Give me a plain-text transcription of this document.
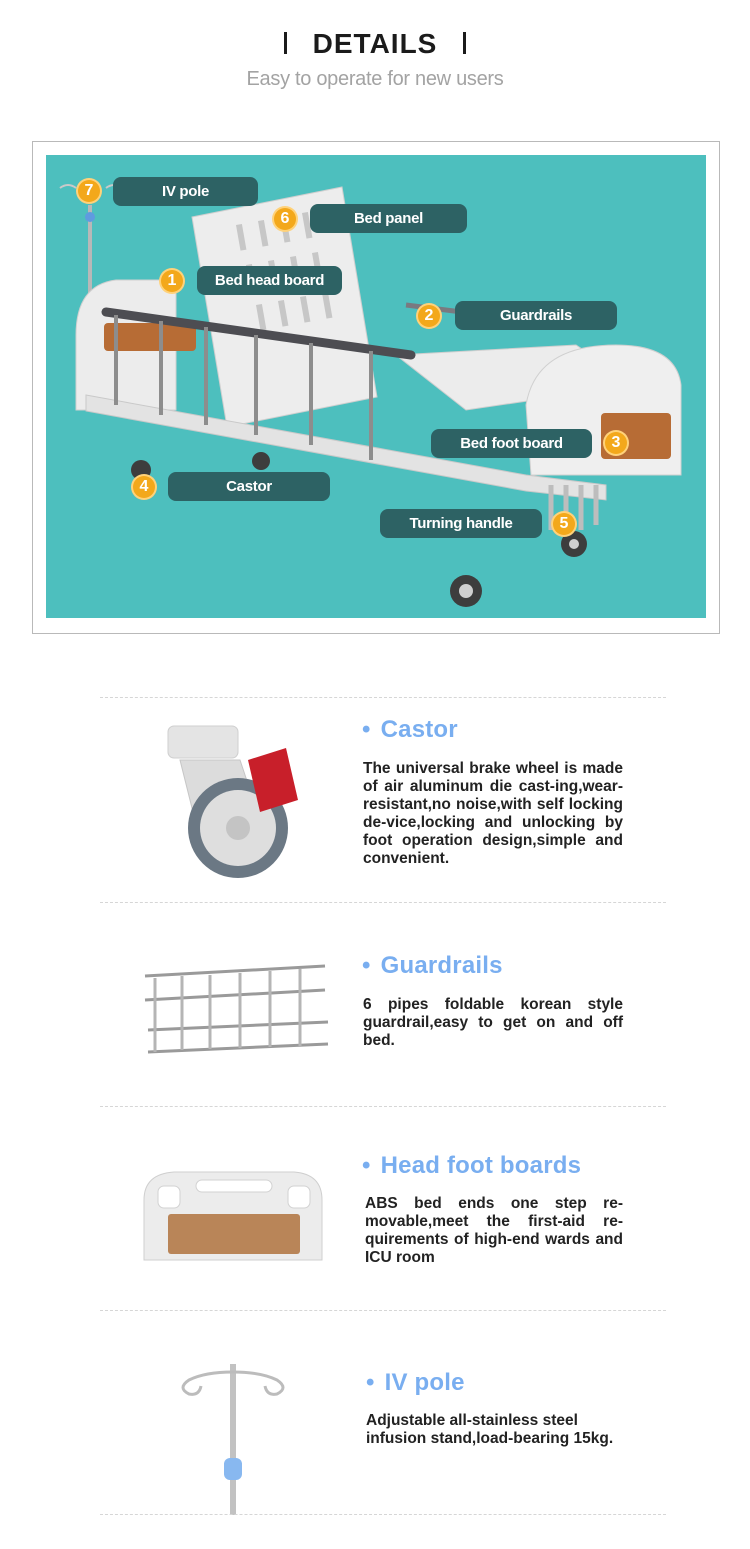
DETAILS
Easy to operate for new users
7	IV pole
6	Bed panel
1	Bed head board
2	Guardrails
Bed foot board	3
4	Castor
Turning handle	5
• Castor
The universal brake wheel is made of air aluminum die cast-ing,wear-resistant,no noise,with self locking de-vice,locking and unlocking by foot operation design,simple and convenient.
• Guardrails
6 pipes foldable korean style guardrail,easy to get on and off bed.
• Head foot boards
ABS bed ends one step re-movable,meet the first-aid re-quirements of high-end wards and ICU room
• IV pole
Adjustable all-stainless steel infusion stand,load-bearing 15kg.
